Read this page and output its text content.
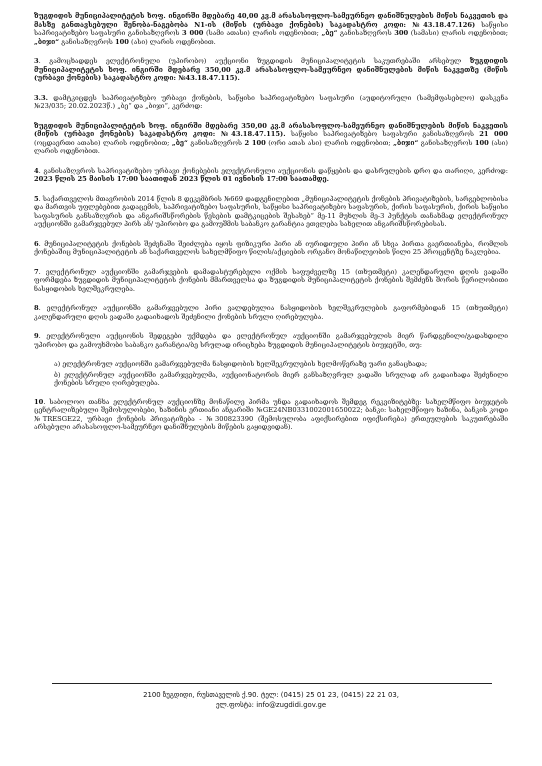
ზუგდიდის მუნიციპალიტეტის ხოფ. ინგირში მდებარე 40,00 კვ.მ არასასოფლო-სამეურნეო დანიშნულების მიწის ნაკვეთის და მასზე განთავსებული შენობა-ნაგებობა N1-ის (მიწის (ურბავი ქონების) საკადასტრო კოდი: №43.18.47.126) საწყისი საპრივატიზებო საფასური განისაზღვროს 3 000 (სამი ათასი) ლარის ოდენობით; „ბე“ განისაზღვროს 300 (სამასი) ლარის ოდენობით; „ბიჯი“ განისაზღვროს 100 (ასი) ლარის ოდენობით.

3. გამოცხადდეს ელექტრონული (უპირობო) აუქციონი ზუგდიდის მუნიციპალიტეტის საკუთრებაში არსებულ ზუგდიდის მუნიციპალიტეტის ხოფ. ინგირში მდებარე 350,00 კვ.მ არასასოფლო-სამეურნეო დანიშნულების მიწის ნაკვეთზე (მიწის (ურბავი ქონების) საკადასტრო კოდი: №43.18.47.115).

3.3. დამტკიცდეს საპრივატიზებო ურბავი ქონების, საწყისი საპრივატიზებო საფასური (აუდიტორული (სამემფასებლო) დასკვნა №23/035; 20.02.2023წ.) „ბე“ და „ბიჯი“, კერძოდ:

ზუგდიდის მუნიციპალიტეტის ხოფ. ინგირში მდებარე 350,00 კვ.მ არასასოფლო-სამეურნეო დანიშნულების მიწის ნაკვეთის (მიწის (ურბავი ქონების) საკადასტრო კოდი: №43.18.47.115). საწყისი საპრივატიზებო საფასური განისაზღვროს 21 000 (ოცდაერთი ათასი) ლარის ოდენობით; „ბე“ განისაზღვროს 2 100 (ორი ათას ასი) ლარის ოდენობით; „ბიჯი“ განისაზღვროს 100 (ასი) ლარის ოდენობით.

4. განისაზღვროს საპრივატიზებო ურბავი ქონებების ელექტრონული აუქციონის დაწყების და დასრულების დრო და თარიღი, კერძოდ: 2023 წლის 25 მაისის 17:00 საათიდან 2023 წლის 01 ივნისის 17:00 საათამდე.

5. საქართველოს მთავრობის 2014 წლის 8 დეკემბრის №669 დადგენილებით „მუნიციპალიტეტის ქონების პრივატიზების, სარგებლობისა და მართვის უფლებებით გადაცემის, საპრივატიზებო საფასურის, საწყისი საპრივატიზებო საფასურის, ქირის საფასურის, ქირის საწყისი საფასურის განსაზღვრის და ანგარიშსწორების წესების დამტკიცების შესახებ“ მე-11 მუხლის მე-3 პუნქტის თანახმად ელექტრონულ აუქციონში გამარჯვებულ პირს ან/ უპირობო და გამოუშმის საბანკო გარანტია ეთვლება სახელით ანგარიშსწორებისას.

6. მუნიციპალიტეტის ქონების შეძენაში შეიძლება იყოს ფიზიკური პირი ან იურიდიული პირი ან სხვა პირთა გაერთიანება, რომლის ქონებაშიც მუნიციპალიტეტის ან საქართველოს სახელმწიფო წილის/აქციების ორგანო მონაწილეობის წილი 25 პროცენტზე ნაკლებია.

7. ელექტრონულ აუქციონში გამარჯვების დამადასტურებელი ოქმის საფუძველზე 15 (თხუთმეტი) კალენდარული დღის ვადაში ფორმდება ზუგდიდის მუნიციპალიტეტის ქონების მმართველსა და ზუგდიდის მუნიციპალიტეტის ქონების შემძენს შორის წერილობითი ნასყიდობის ხელშეკრულება.

8. ელექტრონულ აუქციონში გამარჯვებული პირი ვალდებულია ნასყიდობის ხელშეკრულების გაფორმებიდან 15 (თხუთმეტი) კალენდარული დღის ვადაში გადაიხადოს შეძენილი ქონების სრული ღირებულება.

9. ელექტრონული აუქციონის შედეგები უქმდება და ელექტრონულ აუქციონში გამარჯვებულის მიერ წარდგენილი/გადახდილი უპირობო და გამოუხმობი საბანკო გარანტია/ბე სრულად ირიცხება ზუგდიდის მუნიციპალიტეტის ბიუჯეტში, თუ:

ა) ელექტრონულ აუქციონში გამარჯვებულმა ნასყიდობის ხელშეკრულების ხელმოწერაზე უარი განაცხადა;
ბ) ელექტრონულ აუქციონში გამარჯვებულმა, აუქციონატორის მიერ განსაზღვრულ ვადაში სრულად არ გადაიხადა შეძენილი ქონების სრული ღირებულება.

10. საბოლოო თანხა ელექტრონულ აუქციონზე მონაწილე პირმა უნდა გადაიხადოს შემდეგ რეკვიზიტებზე: სახელმწიფო ბიუჯეტის ცენტრალიზებული შემოსულობები, ხაზინის ერთიანი ანგარიში №GE24NB0331002001650022; ბანკი: სახელმწიფო ხაზინა, ბანკის კოდი №TRESGE22, ურბავი ქონების პრივატიზება - №300823390 (შემოსულობა აფიქსირებით იფიქსირება) ერთეულების საკუთრებაში არსებული არასასოფლო-სამეურნეო დანიშნულების მიწების გაყიდვიდან).

2100 ზუგდიდი, რუსთაველის ქ.90. ტელ: (0415) 25 01 23, (0415) 22 21 03,
ელ.ფოსტა: info@zugdidi.gov.ge
